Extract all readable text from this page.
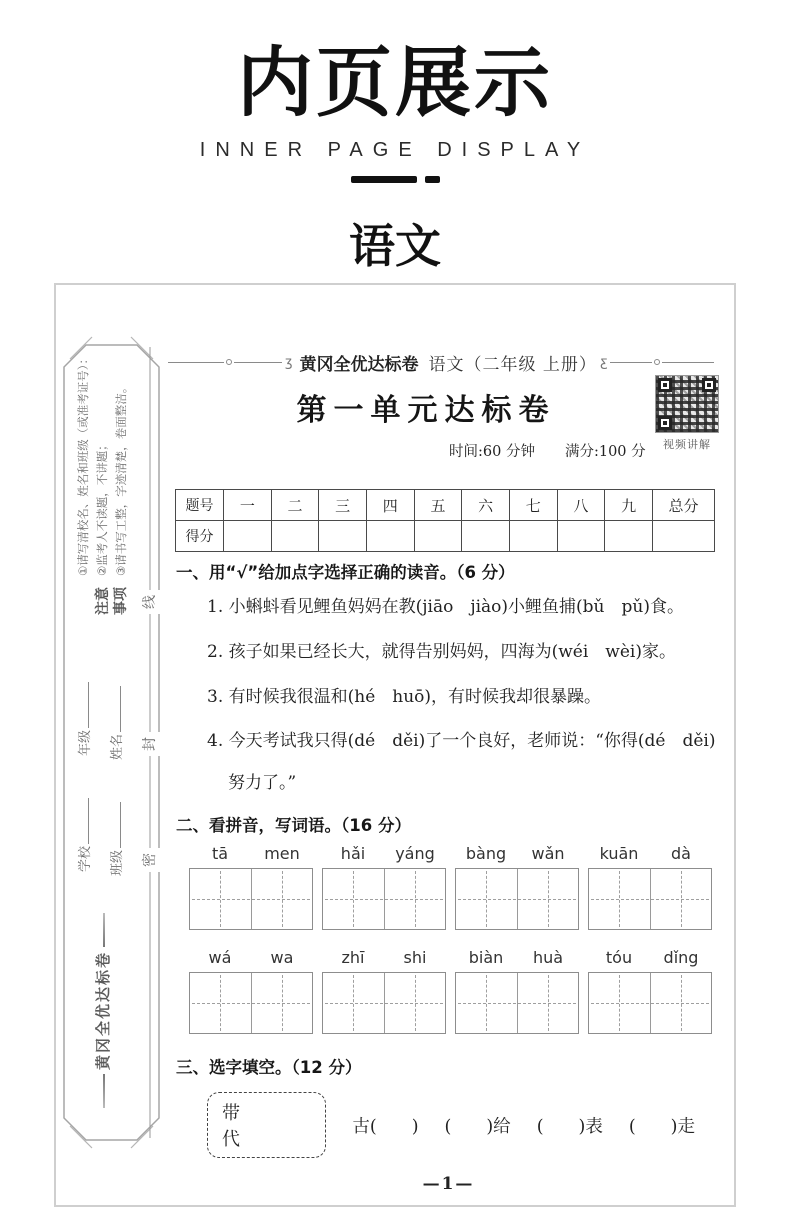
内页展示
INNER PAGE DISPLAY
语文
黄冈全优达标卷
学校	班级
年级	姓名
密
封
线
注意 事项
①请写清校名、姓名和班级（或准考证号）： ②监考人不读题，不讲题； ③请书写工整，字迹清楚，卷面整洁。
ʒ 黄冈全优达标卷 语文（二年级 上册） ʒ
第一单元达标卷
视频讲解
时间:60 分钟 满分:100 分
题号	一	二	三	四	五	六	七	八	九	总分
得分										
一、用“√”给加点字选择正确的读音。（6 分）
1. 小蝌蚪看见鲤鱼妈妈在教(jiāo　jiào)小鲤鱼捕(bǔ　pǔ)食。
2. 孩子如果已经长大，就得告别妈妈，四海为(wéi　wèi)家。
3. 有时候我很温和(hé　huō)，有时候我却很暴躁。
4. 今天考试我只得(dé　děi)了一个良好，老师说：“你得(dé　děi)努力了。”
二、看拼音，写词语。（16 分）
tā	men	hǎi	yáng	bàng	wǎn	kuān	dà
wá	wa	zhī	shi	biàn	huà	tóu	dǐng
三、选字填空。（12 分）
带　代
古(　　) (　　)给 (　　)表 (　　)走
—1—
